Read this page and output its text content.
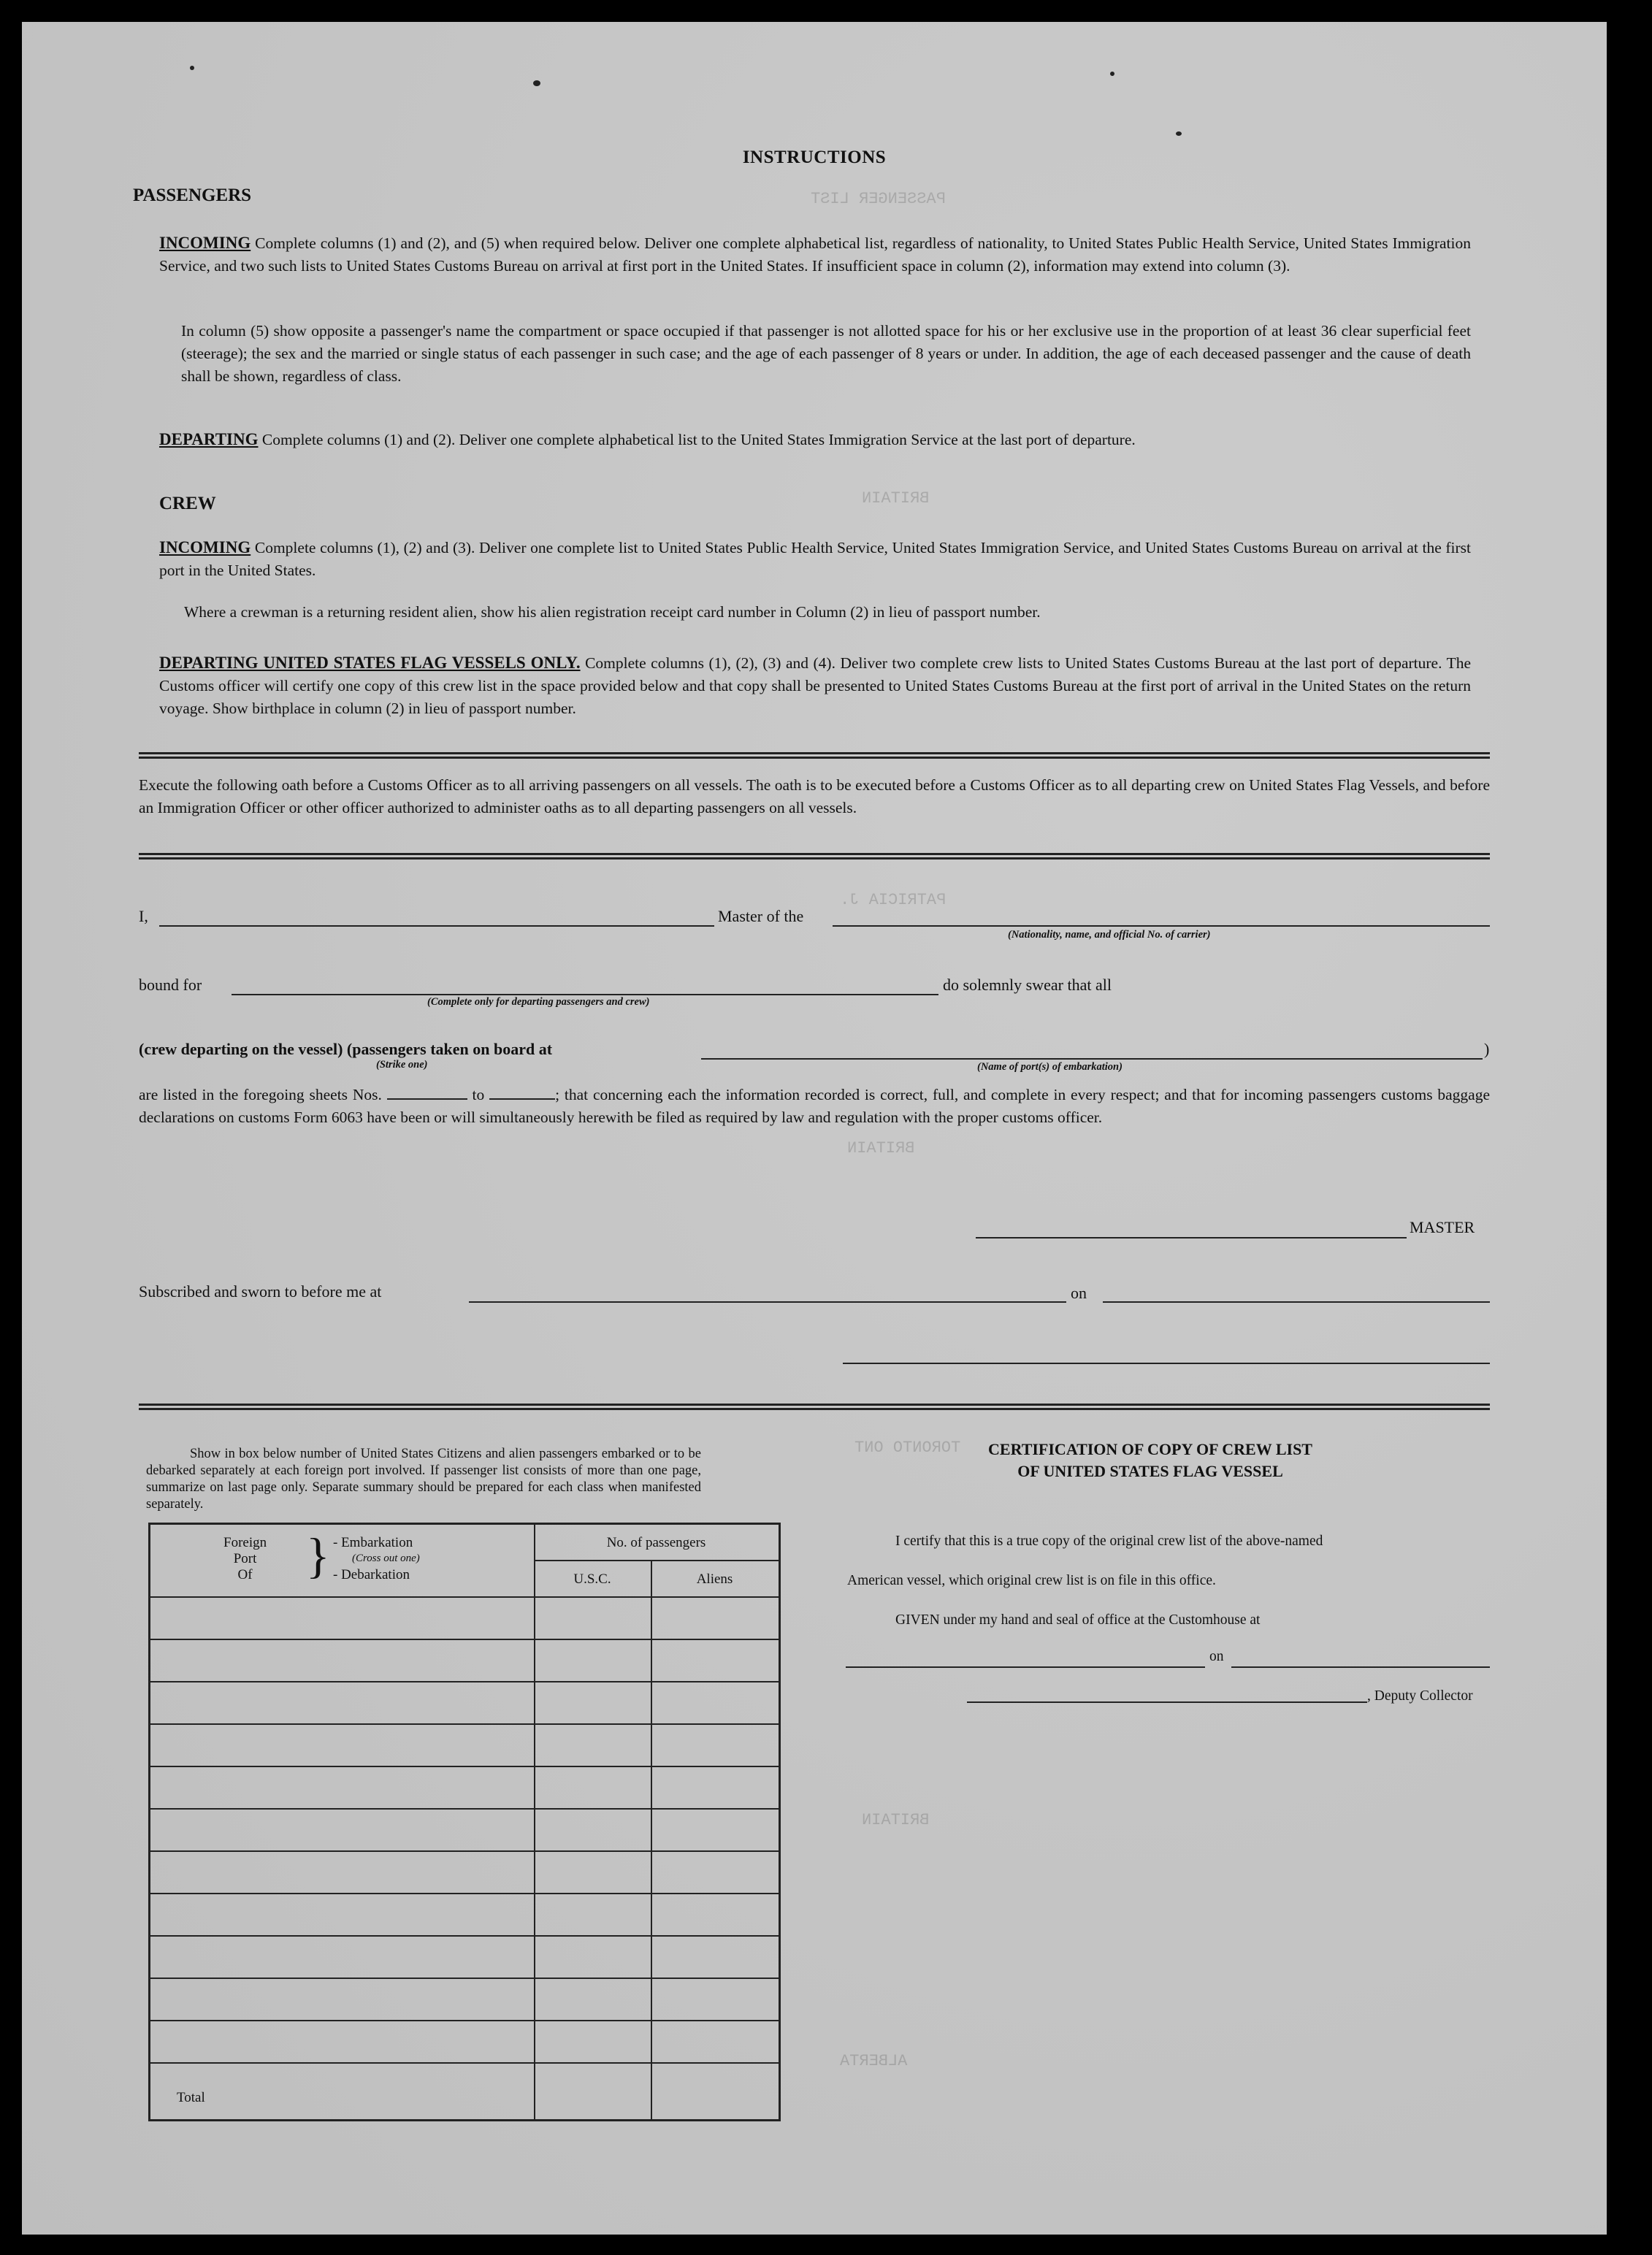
PASSENGER LIST
BRITAIN
PATRICIA J.
BRITAIN
TORONTO ONT
BRITAIN
ALBERTA
INSTRUCTIONS
PASSENGERS
INCOMING Complete columns (1) and (2), and (5) when required below. Deliver one complete alphabetical list, regardless of nationality, to United States Public Health Service, United States Immigration Service, and two such lists to United States Customs Bureau on arrival at first port in the United States. If insufficient space in column (2), information may extend into column (3).
In column (5) show opposite a passenger's name the compartment or space occupied if that passenger is not allotted space for his or her exclusive use in the proportion of at least 36 clear superficial feet (steerage); the sex and the married or single status of each passenger in such case; and the age of each passenger of 8 years or under. In addition, the age of each deceased passenger and the cause of death shall be shown, regardless of class.
DEPARTING Complete columns (1) and (2). Deliver one complete alphabetical list to the United States Immigration Service at the last port of departure.
CREW
INCOMING Complete columns (1), (2) and (3). Deliver one complete list to United States Public Health Service, United States Immigration Service, and United States Customs Bureau on arrival at the first port in the United States.
Where a crewman is a returning resident alien, show his alien registration receipt card number in Column (2) in lieu of passport number.
DEPARTING UNITED STATES FLAG VESSELS ONLY. Complete columns (1), (2), (3) and (4). Deliver two complete crew lists to United States Customs Bureau at the last port of departure. The Customs officer will certify one copy of this crew list in the space provided below and that copy shall be presented to United States Customs Bureau at the first port of arrival in the United States on the return voyage. Show birthplace in column (2) in lieu of passport number.
Execute the following oath before a Customs Officer as to all arriving passengers on all vessels. The oath is to be executed before a Customs Officer as to all departing crew on United States Flag Vessels, and before an Immigration Officer or other officer authorized to administer oaths as to all departing passengers on all vessels.
I,	Master of the
(Nationality, name, and official No. of carrier)
bound for
(Complete only for departing passengers and crew)
do solemnly swear that all
(crew departing on the vessel) (passengers taken on board at	)
(Strike one)	(Name of port(s) of embarkation)
are listed in the foregoing sheets Nos.	to	; that concerning each the information recorded is correct, full, and complete in every respect; and that for incoming passengers customs baggage declarations on customs Form 6063 have been or will simultaneously herewith be filed as required by law and regulation with the proper customs officer.
MASTER
Subscribed and sworn to before me at	on
Show in box below number of United States Citizens and alien passengers embarked or to be debarked separately at each foreign port involved. If passenger list consists of more than one page, summarize on last page only. Separate summary should be prepared for each class when manifested separately.
Foreign
Port
Of } - Embarkation
(Cross out one)
- Debarkation
No. of passengers
U.S.C.	Aliens
Total
CERTIFICATION OF COPY OF CREW LIST
OF UNITED STATES FLAG VESSEL
I certify that this is a true copy of the original crew list of the above-named
American vessel, which original crew list is on file in this office.
GIVEN under my hand and seal of office at the Customhouse at
on
, Deputy Collector
